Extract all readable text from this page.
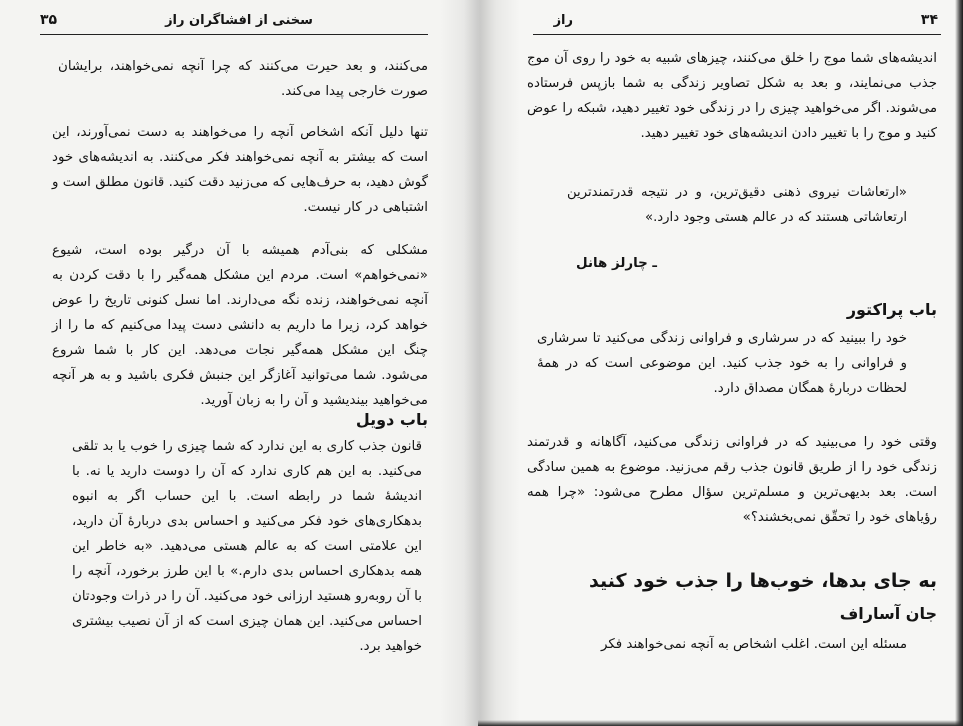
سخنی از افشاگران راز
۳۵

می‌کنند، و بعد حیرت می‌کنند که چرا آنچه نمی‌خواهند، برایشان صورت خارجی پیدا می‌کند.

تنها دلیل آنکه اشخاص آنچه را می‌خواهند به دست نمی‌آورند، این است که بیشتر به آنچه نمی‌خواهند فکر می‌کنند. به اندیشه‌های خود گوش دهید، به حرف‌هایی که می‌زنید دقت کنید. قانون مطلق است و اشتباهی در کار نیست.

مشکلی که بنی‌آدم همیشه با آن درگیر بوده است، شیوع «نمی‌خواهم» است. مردم این مشکل همه‌گیر را با دقت کردن به آنچه نمی‌خواهند، زنده نگه می‌دارند. اما نسل کنونی تاریخ را عوض خواهد کرد، زیرا ما داریم به دانشی دست پیدا می‌کنیم که ما را از چنگ این مشکل همه‌گیر نجات می‌دهد. این کار با شما شروع می‌شود. شما می‌توانید آغازگر این جنبش فکری باشید و به هر آنچه می‌خواهید بیندیشید و آن را به زبان آورید.

باب دویل

قانون جذب کاری به این ندارد که شما چیزی را خوب یا بد تلقی می‌کنید. به این هم کاری ندارد که آن را دوست دارید یا نه. با اندیشهٔ شما در رابطه است. با این حساب اگر به انبوه بدهکاری‌های خود فکر می‌کنید و احساس بدی دربارهٔ آن دارید، این علامتی است که به عالم هستی می‌دهید. «به خاطر این همه بدهکاری احساس بدی دارم.» با این طرز برخورد، آنچه را با آن روبه‌رو هستید ارزانی خود می‌کنید. آن را در ذرات وجودتان احساس می‌کنید. این همان چیزی است که از آن نصیب بیشتری خواهید برد.

راز	۳۴

اندیشه‌های شما موج را خلق می‌کنند، چیزهای شبیه به خود را روی آن موج جذب می‌نمایند، و بعد به شکل تصاویر زندگی به شما بازپس فرستاده می‌شوند. اگر می‌خواهید چیزی را در زندگی خود تغییر دهید، شبکه را عوض کنید و موج را با تغییر دادن اندیشه‌های خود تغییر دهید.

«ارتعاشات نیروی ذهنی دقیق‌ترین، و در نتیجه قدرتمندترین ارتعاشاتی هستند که در عالم هستی وجود دارد.»

ـ چارلز هانل
باب پراکتور

خود را ببینید که در سرشاری و فراوانی زندگی می‌کنید تا سرشاری و فراوانی را به خود جذب کنید. این موضوعی است که در همهٔ لحظات دربارهٔ همگان مصداق دارد.

وقتی خود را می‌بینید که در فراوانی زندگی می‌کنید، آگاهانه و قدرتمند زندگی خود را از طریق قانون جذب رقم می‌زنید. موضوع به همین سادگی است. بعد بدیهی‌ترین و مسلم‌ترین سؤال مطرح می‌شود: «چرا همه رؤیاهای خود را تحقّق نمی‌بخشند؟»

به جای بدها، خوب‌ها را جذب خود کنید
جان آساراف

مسئله این است. اغلب اشخاص به آنچه نمی‌خواهند فکر
